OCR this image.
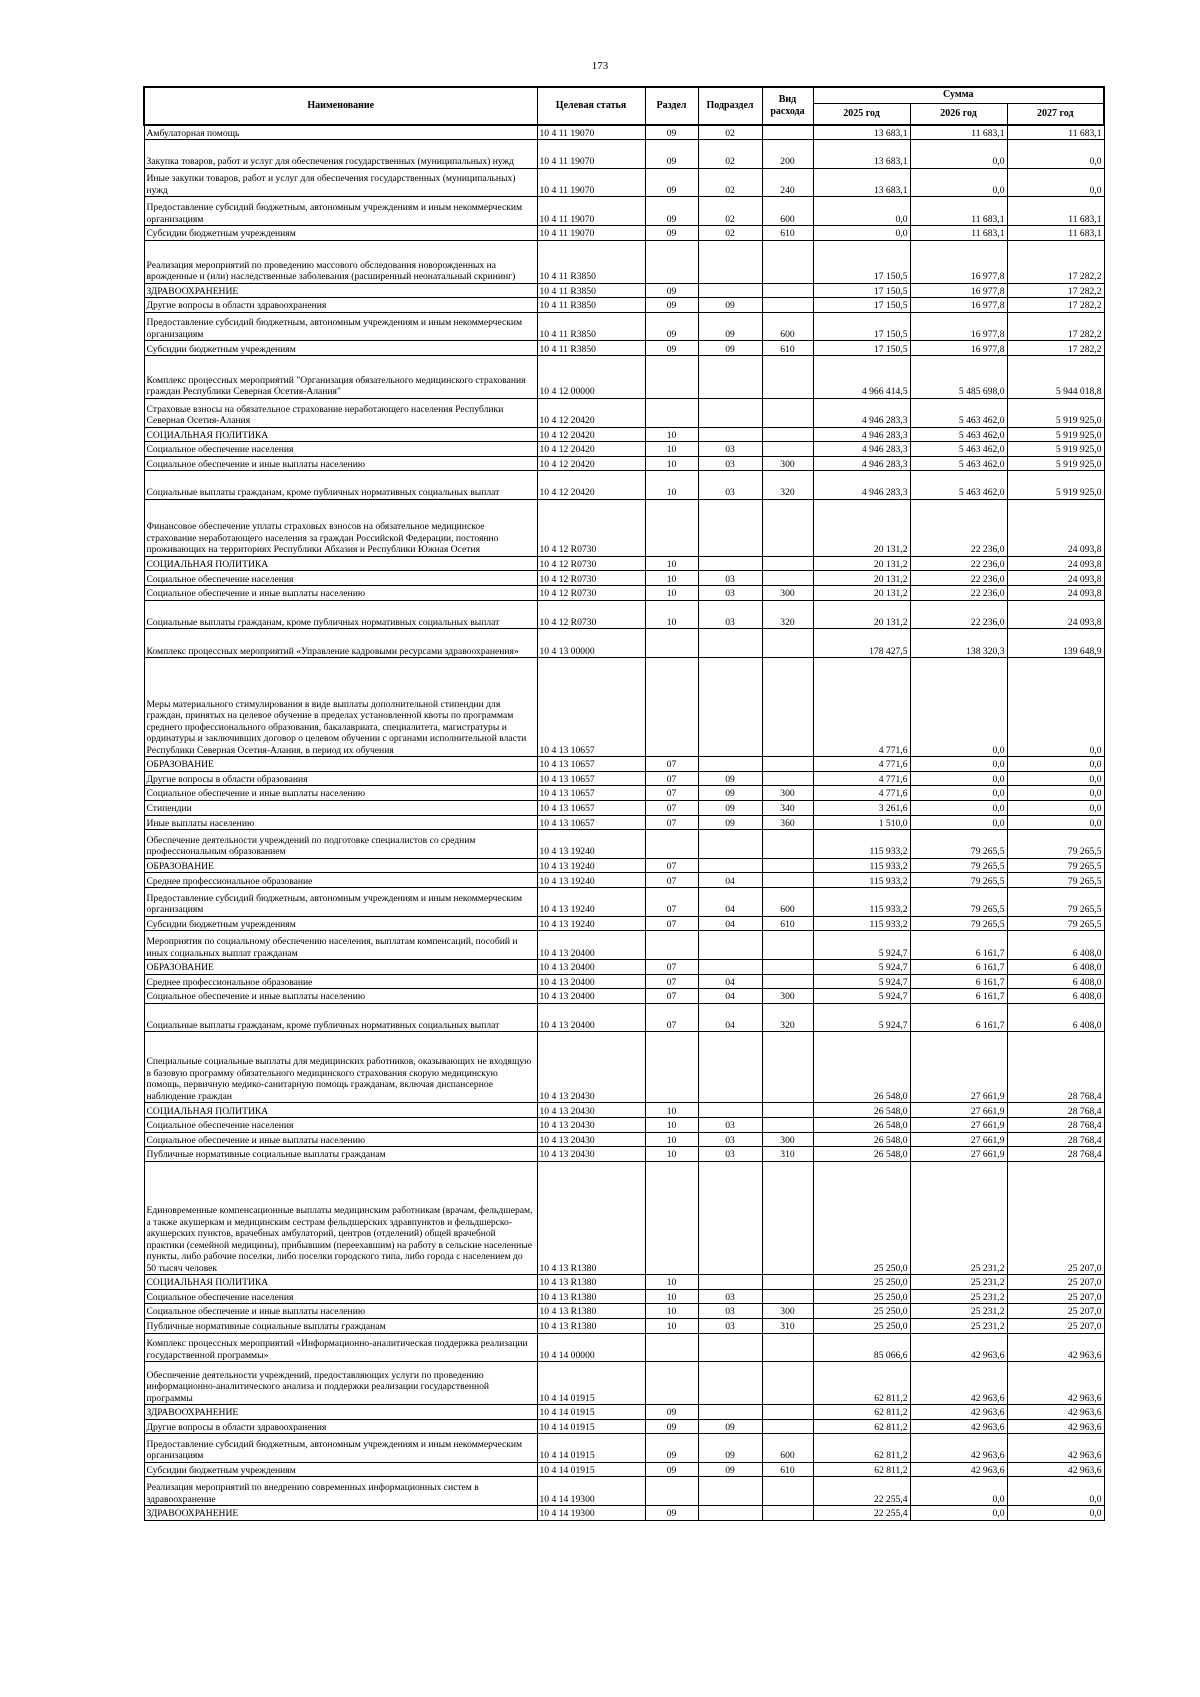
173
Наименование	Целевая статья	Раздел	Подраздел	Вид расхода	Сумма		
					2025 год	2026 год	2027 год
Амбулаторная помощь	10 4 11 19070	09	02		13 683,1	11 683,1	11 683,1
Закупка товаров, работ и услуг для обеспечения государственных (муниципальных) нужд	10 4 11 19070	09	02	200	13 683,1	0,0	0,0
Иные закупки товаров, работ и услуг для обеспечения государственных (муниципальных) нужд	10 4 11 19070	09	02	240	13 683,1	0,0	0,0
Предоставление субсидий бюджетным, автономным учреждениям и иным некоммерческим организациям	10 4 11 19070	09	02	600	0,0	11 683,1	11 683,1
Субсидии бюджетным учреждениям	10 4 11 19070	09	02	610	0,0	11 683,1	11 683,1
Реализация мероприятий по проведению массового обследования новорожденных на врожденные и (или) наследственные заболевания (расширенный неонатальный скрининг)	10 4 11 R3850				17 150,5	16 977,8	17 282,2
ЗДРАВООХРАНЕНИЕ	10 4 11 R3850	09			17 150,5	16 977,8	17 282,2
Другие вопросы в области здравоохранения	10 4 11 R3850	09	09		17 150,5	16 977,8	17 282,2
Предоставление субсидий бюджетным, автономным учреждениям и иным некоммерческим организациям	10 4 11 R3850	09	09	600	17 150,5	16 977,8	17 282,2
Субсидии бюджетным учреждениям	10 4 11 R3850	09	09	610	17 150,5	16 977,8	17 282,2
Комплекс процессных мероприятий "Организация обязательного медицинского страхования граждан Республики Северная Осетия-Алания"	10 4 12 00000				4 966 414,5	5 485 698,0	5 944 018,8
Страховые взносы на обязательное страхование неработающего населения Республики Северная Осетия-Алания	10 4 12 20420				4 946 283,3	5 463 462,0	5 919 925,0
СОЦИАЛЬНАЯ ПОЛИТИКА	10 4 12 20420	10			4 946 283,3	5 463 462,0	5 919 925,0
Социальное обеспечение населения	10 4 12 20420	10	03		4 946 283,3	5 463 462,0	5 919 925,0
Социальное обеспечение и иные выплаты населению	10 4 12 20420	10	03	300	4 946 283,3	5 463 462,0	5 919 925,0
Социальные выплаты гражданам, кроме публичных нормативных социальных выплат	10 4 12 20420	10	03	320	4 946 283,3	5 463 462,0	5 919 925,0
Финансовое обеспечение уплаты страховых взносов на обязательное медицинское страхование неработающего населения за граждан Российской Федерации, постоянно проживающих на территориях Республики Абхазия и Республики Южная Осетия	10 4 12 R0730				20 131,2	22 236,0	24 093,8
СОЦИАЛЬНАЯ ПОЛИТИКА	10 4 12 R0730	10			20 131,2	22 236,0	24 093,8
Социальное обеспечение населения	10 4 12 R0730	10	03		20 131,2	22 236,0	24 093,8
Социальное обеспечение и иные выплаты населению	10 4 12 R0730	10	03	300	20 131,2	22 236,0	24 093,8
Социальные выплаты гражданам, кроме публичных нормативных социальных выплат	10 4 12 R0730	10	03	320	20 131,2	22 236,0	24 093,8
Комплекс процессных мероприятий «Управление кадровыми ресурсами здравоохранения»	10 4 13 00000				178 427,5	138 320,3	139 648,9
Меры материального стимулирования в виде выплаты дополнительной стипендии для граждан, принятых на целевое обучение в пределах установленной квоты по программам среднего профессионального образования, бакалавриата, специалитета, магистратуры и ординатуры и заключивших договор о целевом обучении с органами исполнительной власти Республики Северная Осетия-Алания, в период их обучения	10 4 13 10657				4 771,6	0,0	0,0
ОБРАЗОВАНИЕ	10 4 13 10657	07			4 771,6	0,0	0,0
Другие вопросы в области образования	10 4 13 10657	07	09		4 771,6	0,0	0,0
Социальное обеспечение и иные выплаты населению	10 4 13 10657	07	09	300	4 771,6	0,0	0,0
Стипендии	10 4 13 10657	07	09	340	3 261,6	0,0	0,0
Иные выплаты населению	10 4 13 10657	07	09	360	1 510,0	0,0	0,0
Обеспечение деятельности учреждений по подготовке специалистов со средним профессиональным образованием	10 4 13 19240				115 933,2	79 265,5	79 265,5
ОБРАЗОВАНИЕ	10 4 13 19240	07			115 933,2	79 265,5	79 265,5
Среднее профессиональное образование	10 4 13 19240	07	04		115 933,2	79 265,5	79 265,5
Предоставление субсидий бюджетным, автономным учреждениям и иным некоммерческим организациям	10 4 13 19240	07	04	600	115 933,2	79 265,5	79 265,5
Субсидии бюджетным учреждениям	10 4 13 19240	07	04	610	115 933,2	79 265,5	79 265,5
Мероприятия по социальному обеспечению населения, выплатам компенсаций, пособий и иных социальных выплат гражданам	10 4 13 20400				5 924,7	6 161,7	6 408,0
ОБРАЗОВАНИЕ	10 4 13 20400	07			5 924,7	6 161,7	6 408,0
Среднее профессиональное образование	10 4 13 20400	07	04		5 924,7	6 161,7	6 408,0
Социальное обеспечение и иные выплаты населению	10 4 13 20400	07	04	300	5 924,7	6 161,7	6 408,0
Социальные выплаты гражданам, кроме публичных нормативных социальных выплат	10 4 13 20400	07	04	320	5 924,7	6 161,7	6 408,0
Специальные социальные выплаты для медицинских работников, оказывающих не входящую в базовую программу обязательного медицинского страхования скорую медицинскую помощь, первичную медико-санитарную помощь гражданам, включая диспансерное наблюдение граждан	10 4 13 20430				26 548,0	27 661,9	28 768,4
СОЦИАЛЬНАЯ ПОЛИТИКА	10 4 13 20430	10			26 548,0	27 661,9	28 768,4
Социальное обеспечение населения	10 4 13 20430	10	03		26 548,0	27 661,9	28 768,4
Социальное обеспечение и иные выплаты населению	10 4 13 20430	10	03	300	26 548,0	27 661,9	28 768,4
Публичные нормативные социальные выплаты гражданам	10 4 13 20430	10	03	310	26 548,0	27 661,9	28 768,4
Единовременные компенсационные выплаты медицинским работникам (врачам, фельдшерам, а также акушеркам и медицинским сестрам фельдшерских здравпунктов и фельдшерско-акушерских пунктов, врачебных амбулаторий, центров (отделений) общей врачебной практики (семейной медицины), прибывшим (переехавшим) на работу в сельские населенные пункты, либо рабочие поселки, либо поселки городского типа, либо города с населением до 50 тысяч человек	10 4 13 R1380				25 250,0	25 231,2	25 207,0
СОЦИАЛЬНАЯ ПОЛИТИКА	10 4 13 R1380	10			25 250,0	25 231,2	25 207,0
Социальное обеспечение населения	10 4 13 R1380	10	03		25 250,0	25 231,2	25 207,0
Социальное обеспечение и иные выплаты населению	10 4 13 R1380	10	03	300	25 250,0	25 231,2	25 207,0
Публичные нормативные социальные выплаты гражданам	10 4 13 R1380	10	03	310	25 250,0	25 231,2	25 207,0
Комплекс процессных мероприятий «Информационно-аналитическая поддержка реализации государственной программы»	10 4 14 00000				85 066,6	42 963,6	42 963,6
Обеспечение деятельности учреждений, предоставляющих услуги по проведению информационно-аналитического анализа и поддержки реализации государственной программы	10 4 14 01915				62 811,2	42 963,6	42 963,6
ЗДРАВООХРАНЕНИЕ	10 4 14 01915	09			62 811,2	42 963,6	42 963,6
Другие вопросы в области здравоохранения	10 4 14 01915	09	09		62 811,2	42 963,6	42 963,6
Предоставление субсидий бюджетным, автономным учреждениям и иным некоммерческим организациям	10 4 14 01915	09	09	600	62 811,2	42 963,6	42 963,6
Субсидии бюджетным учреждениям	10 4 14 01915	09	09	610	62 811,2	42 963,6	42 963,6
Реализация мероприятий по внедрению современных информационных систем в здравоохранение	10 4 14 19300				22 255,4	0,0	0,0
ЗДРАВООХРАНЕНИЕ	10 4 14 19300	09			22 255,4	0,0	0,0
